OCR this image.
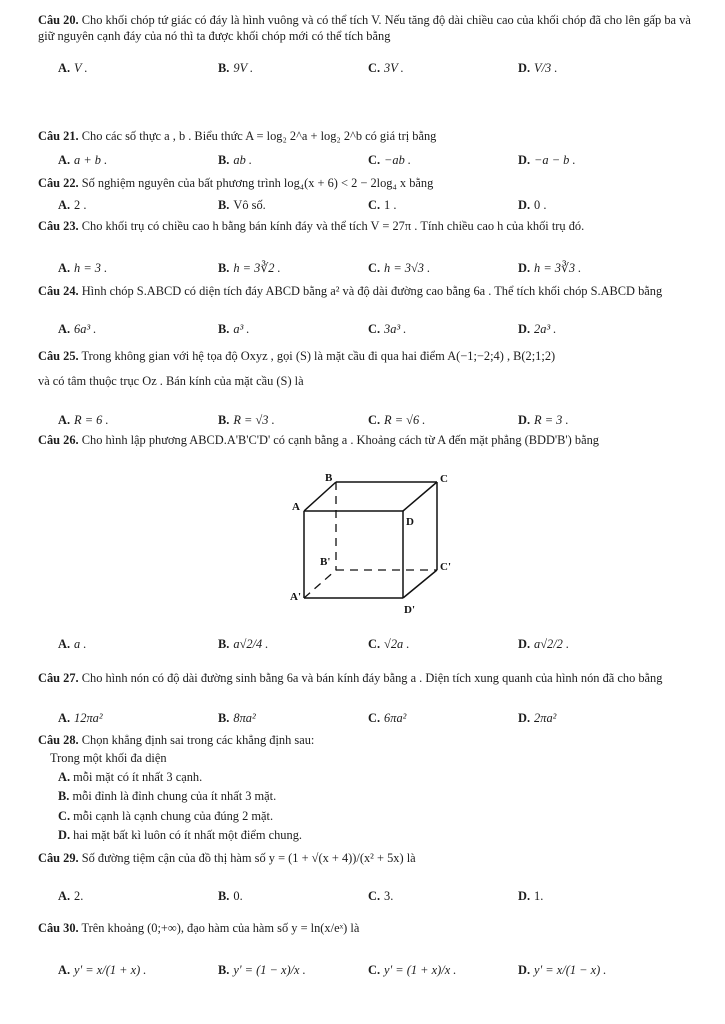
Câu 20. Cho khối chóp tứ giác có đáy là hình vuông và có thể tích V. Nếu tăng độ dài chiều cao của khối chóp đã cho lên gấp ba và giữ nguyên cạnh đáy của nó thì ta được khối chóp mới có thể tích bằng
A. V .	B. 9V .	C. 3V .	D. V/3 .
Câu 21. Cho các số thực a , b . Biểu thức A = log₂ 2^a + log₂ 2^b có giá trị bằng
A. a + b .	B. ab .	C. −ab .	D. −a − b .
Câu 22. Số nghiệm nguyên của bất phương trình log₄(x + 6) < 2 − 2log₄ x bằng
A. 2 .	B. Vô số.	C. 1 .	D. 0 .
Câu 23. Cho khối trụ có chiều cao h bằng bán kính đáy và thể tích V = 27π . Tính chiều cao h của khối trụ đó.
A. h = 3 .	B. h = 3∛2 .	C. h = 3√3 .	D. h = 3∛3 .
Câu 24. Hình chóp S.ABCD có diện tích đáy ABCD bằng a² và độ dài đường cao bằng 6a . Thể tích khối chóp S.ABCD bằng
A. 6a³ .	B. a³ .	C. 3a³ .	D. 2a³ .
Câu 25. Trong không gian với hệ tọa độ Oxyz , gọi (S) là mặt cầu đi qua hai điểm A(−1;−2;4) , B(2;1;2)
và có tâm thuộc trục Oz . Bán kính của mặt cầu (S) là
A. R = 6 .	B. R = √3 .	C. R = √6 .	D. R = 3 .
Câu 26. Cho hình lập phương ABCD.A'B'C'D' có cạnh bằng a . Khoảng cách từ A đến mặt phẳng (BDD'B') bằng
B	C
A
D
B'	C'
A'
D'
A. a .	B. a√2/4 .	C. √2a .	D. a√2/2 .
Câu 27. Cho hình nón có độ dài đường sinh bằng 6a và bán kính đáy bằng a . Diện tích xung quanh của hình nón đã cho bằng
A. 12πa²	B. 8πa²	C. 6πa²	D. 2πa²
Câu 28. Chọn khẳng định sai trong các khẳng định sau:
Trong một khối đa diện
A. mỗi mặt có ít nhất 3 cạnh.
B. mỗi đỉnh là đỉnh chung của ít nhất 3 mặt.
C. mỗi cạnh là cạnh chung của đúng 2 mặt.
D. hai mặt bất kì luôn có ít nhất một điểm chung.
Câu 29. Số đường tiệm cận của đồ thị hàm số y = (1 + √(x + 4))/(x² + 5x) là
A. 2.	B. 0.	C. 3.	D. 1.
Câu 30. Trên khoảng (0;+∞), đạo hàm của hàm số y = ln(x/eˣ) là
A. y' = x/(1 + x) .	B. y' = (1 − x)/x .	C. y' = (1 + x)/x .	D. y' = x/(1 − x) .
